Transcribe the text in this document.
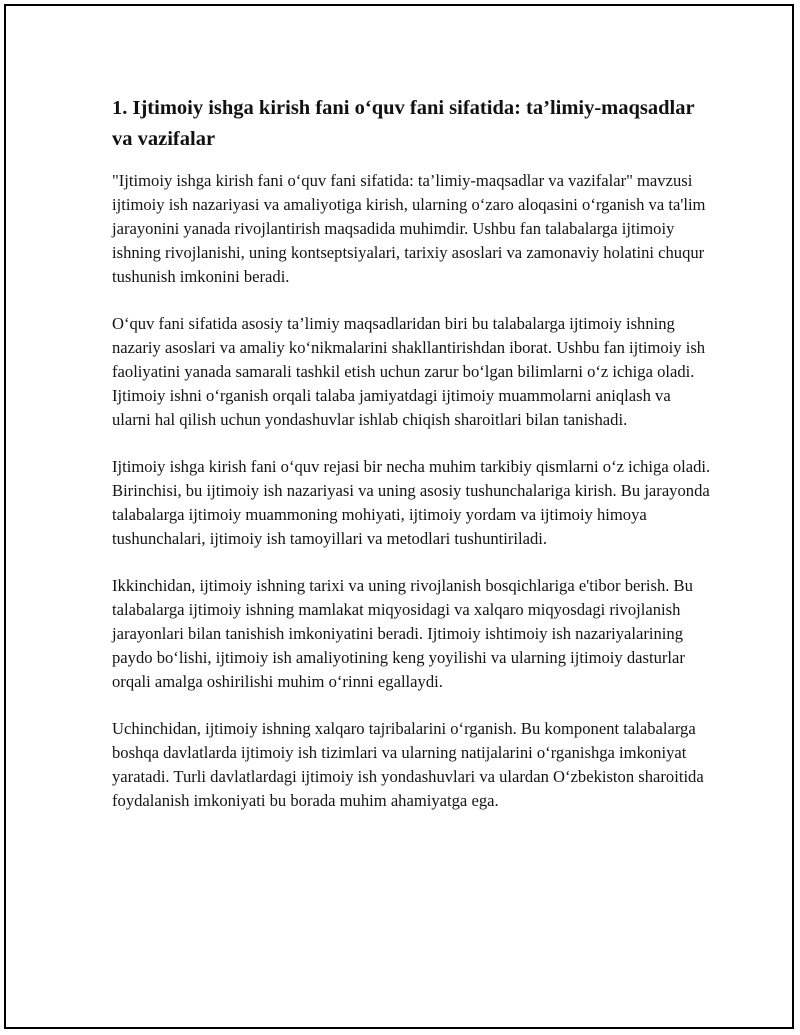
1. Ijtimoiy ishga kirish fani o‘quv fani sifatida: ta’limiy-maqsadlar va vazifalar

"Ijtimoiy ishga kirish fani o‘quv fani sifatida: ta’limiy-maqsadlar va vazifalar" mavzusi ijtimoiy ish nazariyasi va amaliyotiga kirish, ularning o‘zaro aloqasini o‘rganish va ta'lim jarayonini yanada rivojlantirish maqsadida muhimdir. Ushbu fan talabalarga ijtimoiy ishning rivojlanishi, uning kontseptsiyalari, tarixiy asoslari va zamonaviy holatini chuqur tushunish imkonini beradi.

O‘quv fani sifatida asosiy ta’limiy maqsadlaridan biri bu talabalarga ijtimoiy ishning nazariy asoslari va amaliy ko‘nikmalarini shakllantirishdan iborat. Ushbu fan ijtimoiy ish faoliyatini yanada samarali tashkil etish uchun zarur bo‘lgan bilimlarni o‘z ichiga oladi. Ijtimoiy ishni o‘rganish orqali talaba jamiyatdagi ijtimoiy muammolarni aniqlash va ularni hal qilish uchun yondashuvlar ishlab chiqish sharoitlari bilan tanishadi.

Ijtimoiy ishga kirish fani o‘quv rejasi bir necha muhim tarkibiy qismlarni o‘z ichiga oladi. Birinchisi, bu ijtimoiy ish nazariyasi va uning asosiy tushunchalariga kirish. Bu jarayonda talabalarga ijtimoiy muammoning mohiyati, ijtimoiy yordam va ijtimoiy himoya tushunchalari, ijtimoiy ish tamoyillari va metodlari tushuntiriladi.

Ikkinchidan, ijtimoiy ishning tarixi va uning rivojlanish bosqichlariga e'tibor berish. Bu talabalarga ijtimoiy ishning mamlakat miqyosidagi va xalqaro miqyosdagi rivojlanish jarayonlari bilan tanishish imkoniyatini beradi. Ijtimoiy ishtimoiy ish nazariyalarining paydo bo‘lishi, ijtimoiy ish amaliyotining keng yoyilishi va ularning ijtimoiy dasturlar orqali amalga oshirilishi muhim o‘rinni egallaydi.

Uchinchidan, ijtimoiy ishning xalqaro tajribalarini o‘rganish. Bu komponent talabalarga boshqa davlatlarda ijtimoiy ish tizimlari va ularning natijalarini o‘rganishga imkoniyat yaratadi. Turli davlatlardagi ijtimoiy ish yondashuvlari va ulardan O‘zbekiston sharoitida foydalanish imkoniyati bu borada muhim ahamiyatga ega.
